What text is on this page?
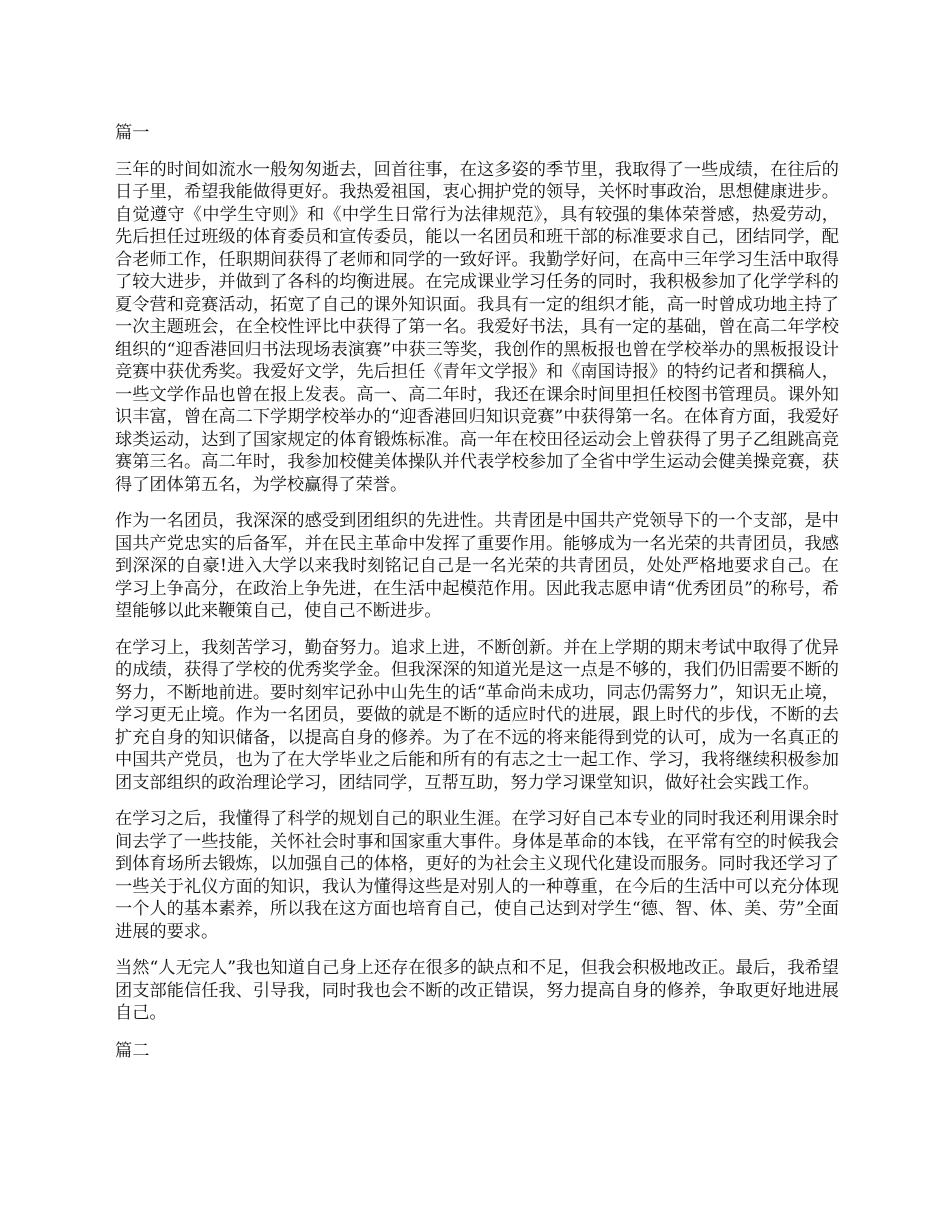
篇一
三年的时间如流水一般匆匆逝去，回首往事，在这多姿的季节里，我取得了一些成绩，在往后的日子里，希望我能做得更好。我热爱祖国，衷心拥护党的领导，关怀时事政治，思想健康进步。自觉遵守《中学生守则》和《中学生日常行为法律规范》，具有较强的集体荣誉感，热爱劳动，先后担任过班级的体育委员和宣传委员，能以一名团员和班干部的标准要求自己，团结同学，配合老师工作，任职期间获得了老师和同学的一致好评。我勤学好问，在高中三年学习生活中取得了较大进步，并做到了各科的均衡进展。在完成课业学习任务的同时，我积极参加了化学学科的夏令营和竞赛活动，拓宽了自己的课外知识面。我具有一定的组织才能，高一时曾成功地主持了一次主题班会，在全校性评比中获得了第一名。我爱好书法，具有一定的基础，曾在高二年学校组织的“迎香港回归书法现场表演赛”中获三等奖，我创作的黑板报也曾在学校举办的黑板报设计竞赛中获优秀奖。我爱好文学，先后担任《青年文学报》和《南国诗报》的特约记者和撰稿人，一些文学作品也曾在报上发表。高一、高二年时，我还在课余时间里担任校图书管理员。课外知识丰富，曾在高二下学期学校举办的“迎香港回归知识竞赛”中获得第一名。在体育方面，我爱好球类运动，达到了国家规定的体育锻炼标准。高一年在校田径运动会上曾获得了男子乙组跳高竞赛第三名。高二年时，我参加校健美体操队并代表学校参加了全省中学生运动会健美操竞赛，获得了团体第五名，为学校赢得了荣誉。
作为一名团员，我深深的感受到团组织的先进性。共青团是中国共产党领导下的一个支部，是中国共产党忠实的后备军，并在民主革命中发挥了重要作用。能够成为一名光荣的共青团员，我感到深深的自豪!进入大学以来我时刻铭记自己是一名光荣的共青团员，处处严格地要求自己。在学习上争高分，在政治上争先进，在生活中起模范作用。因此我志愿申请“优秀团员”的称号，希望能够以此来鞭策自己，使自己不断进步。
在学习上，我刻苦学习，勤奋努力。追求上进，不断创新。并在上学期的期末考试中取得了优异的成绩，获得了学校的优秀奖学金。但我深深的知道光是这一点是不够的，我们仍旧需要不断的努力，不断地前进。要时刻牢记孙中山先生的话“革命尚未成功，同志仍需努力”，知识无止境，学习更无止境。作为一名团员，要做的就是不断的适应时代的进展，跟上时代的步伐，不断的去扩充自身的知识储备，以提高自身的修养。为了在不远的将来能得到党的认可，成为一名真正的中国共产党员，也为了在大学毕业之后能和所有的有志之士一起工作、学习，我将继续积极参加团支部组织的政治理论学习，团结同学，互帮互助，努力学习课堂知识，做好社会实践工作。
在学习之后，我懂得了科学的规划自己的职业生涯。在学习好自己本专业的同时我还利用课余时间去学了一些技能，关怀社会时事和国家重大事件。身体是革命的本钱，在平常有空的时候我会到体育场所去锻炼，以加强自己的体格，更好的为社会主义现代化建设而服务。同时我还学习了一些关于礼仪方面的知识，我认为懂得这些是对别人的一种尊重，在今后的生活中可以充分体现一个人的基本素养，所以我在这方面也培育自己，使自己达到对学生“德、智、体、美、劳”全面进展的要求。
当然“人无完人”我也知道自己身上还存在很多的缺点和不足，但我会积极地改正。最后，我希望团支部能信任我、引导我，同时我也会不断的改正错误，努力提高自身的修养，争取更好地进展自己。
篇二
